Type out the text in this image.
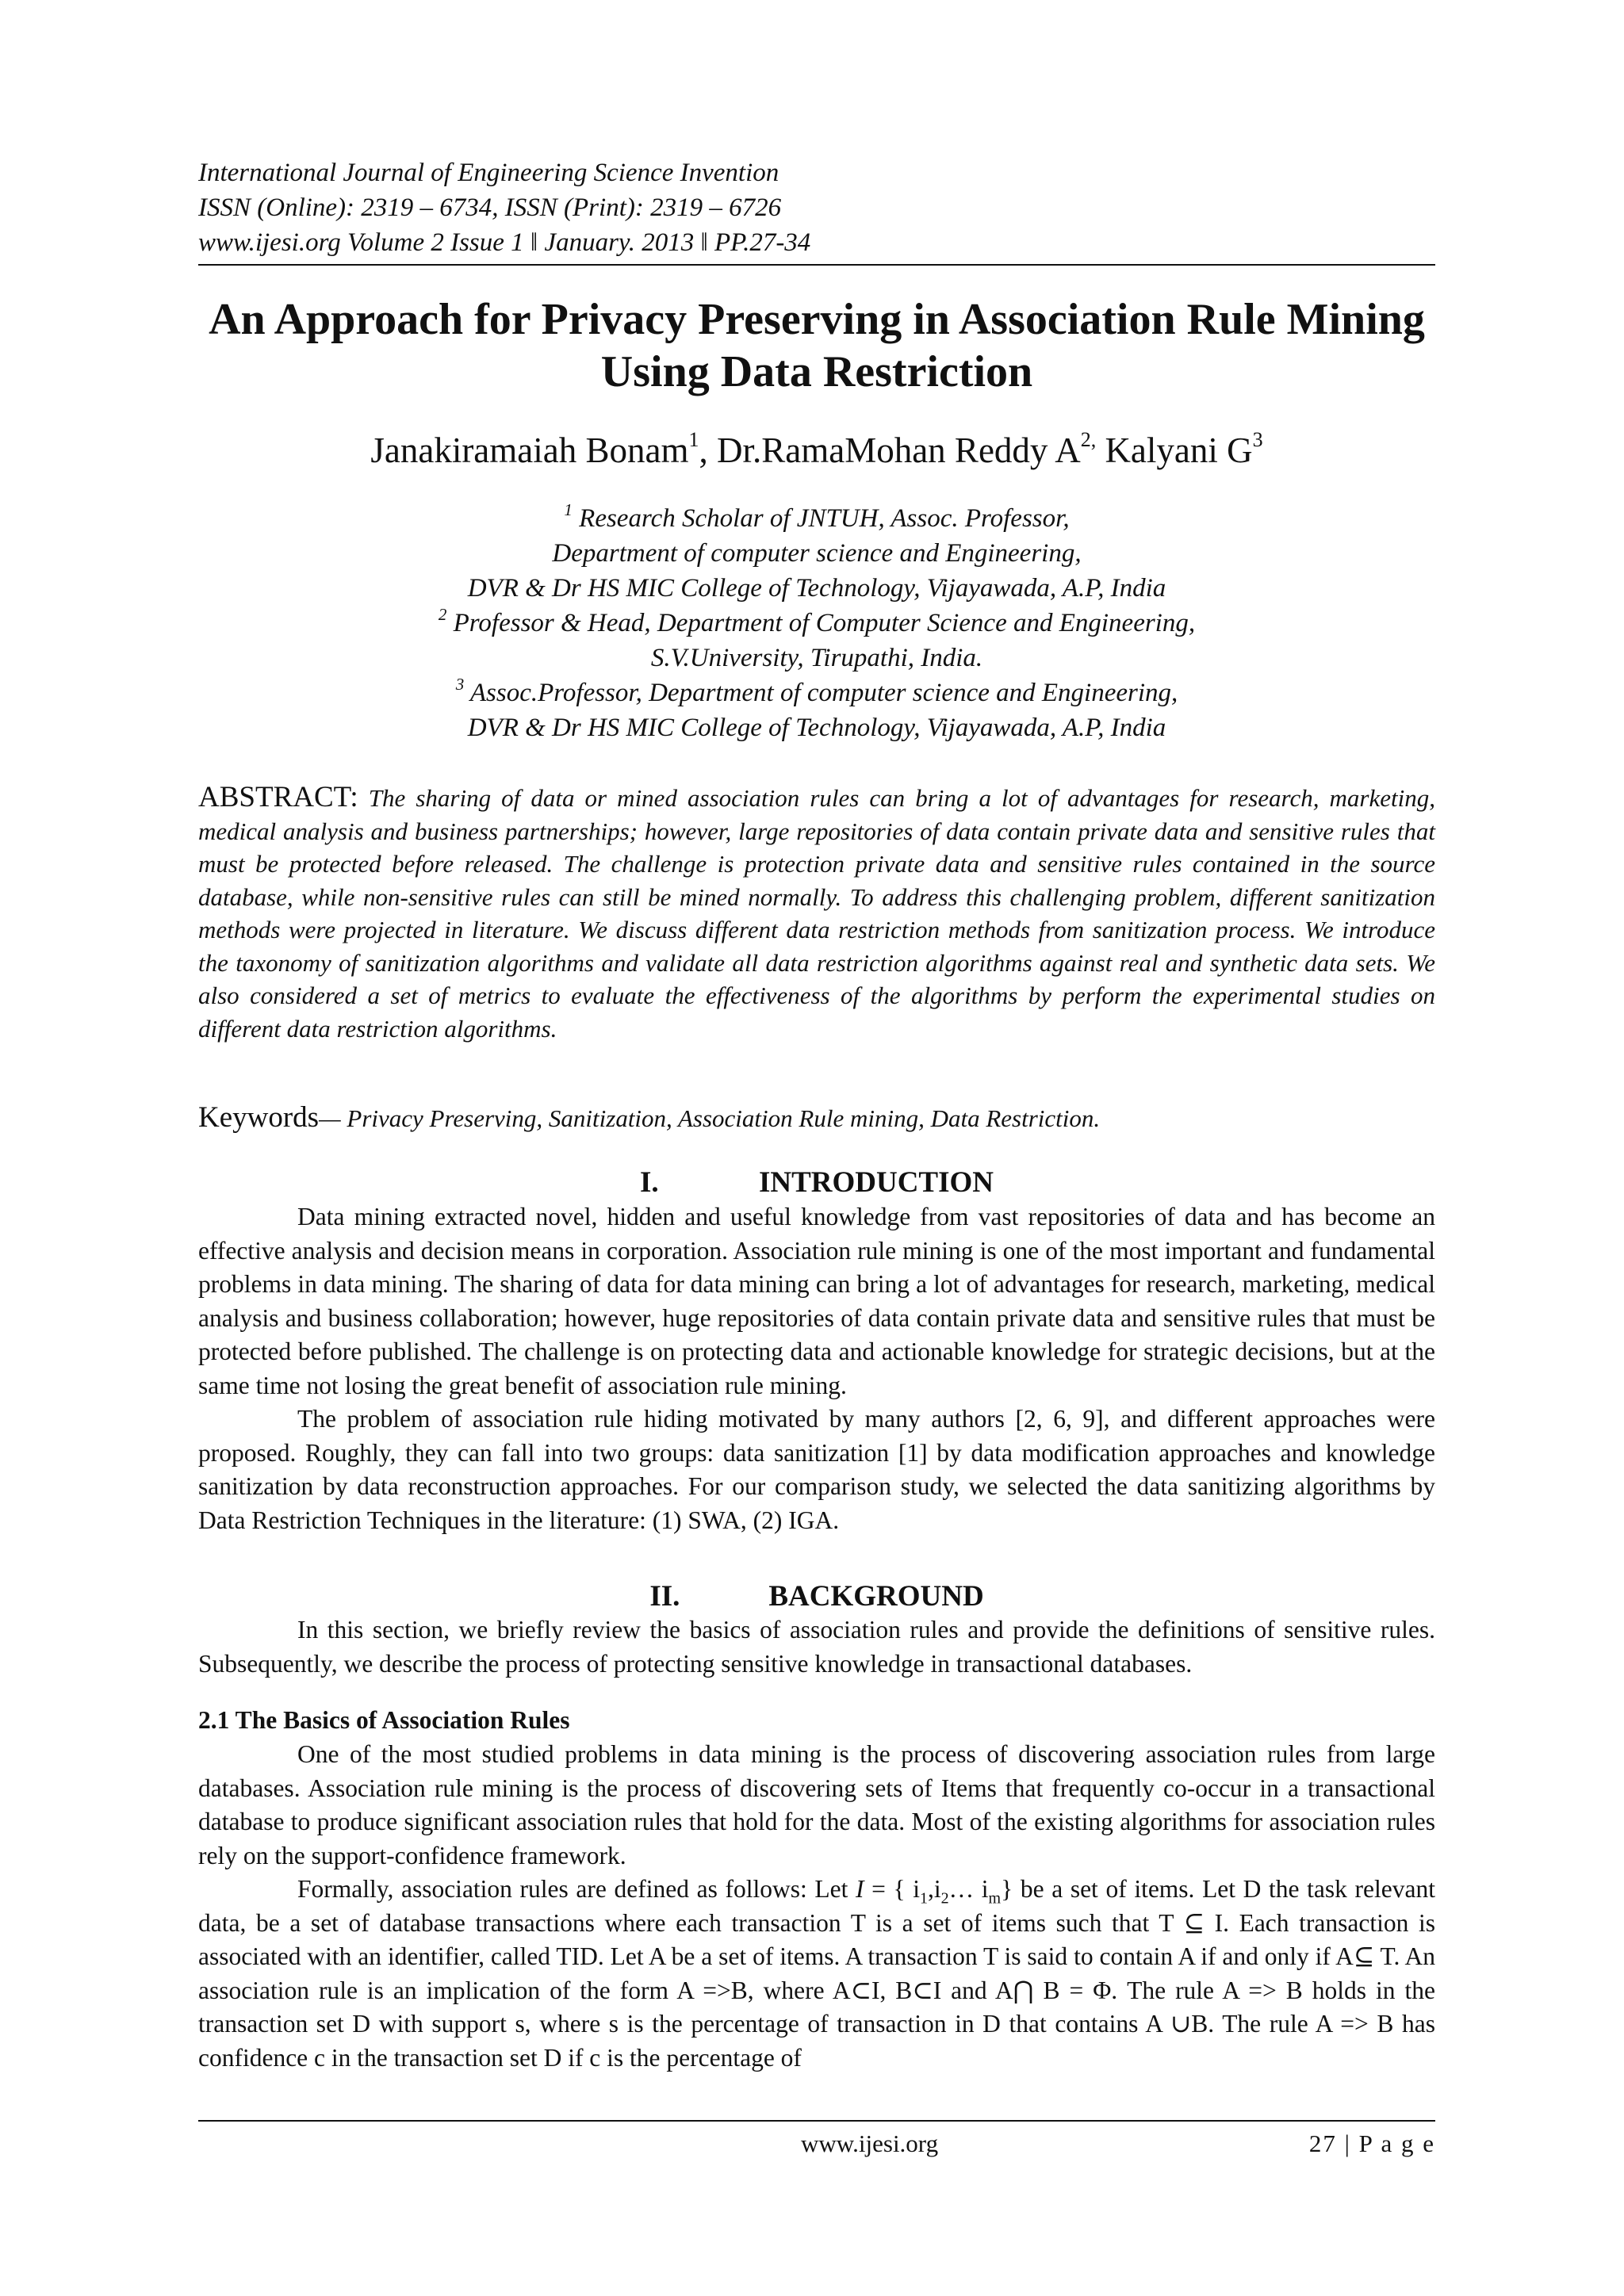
International Journal of Engineering Science Invention
ISSN (Online): 2319 – 6734, ISSN (Print): 2319 – 6726
www.ijesi.org Volume 2 Issue 1 ‖ January. 2013 ‖ PP.27-34
An Approach for Privacy Preserving in Association Rule Mining
Using Data Restriction
Janakiramaiah Bonam$^1$, Dr.RamaMohan Reddy $A^{2,}$ Kalyani $G^3$
$^1$ Research Scholar of JNTUH, Assoc. Professor,
Department of computer science and Engineering,
DVR & Dr HS MIC College of Technology, Vijayawada, A.P, India
$^2$ Professor & Head, Department of Computer Science and Engineering,
S.V.University, Tirupathi, India.
$^3$ Assoc.Professor, Department of computer science and Engineering,
DVR & Dr HS MIC College of Technology, Vijayawada, A.P, India
ABSTRACT: The sharing of data or mined association rules can bring a lot of advantages for research, marketing, medical analysis and business partnerships; however, large repositories of data contain private data and sensitive rules that must be protected before released. The challenge is protection private data and sensitive rules contained in the source database, while non-sensitive rules can still be mined normally. To address this challenging problem, different sanitization methods were projected in literature. We discuss different data restriction methods from sanitization process. We introduce the taxonomy of sanitization algorithms and validate all data restriction algorithms against real and synthetic data sets. We also considered a set of metrics to evaluate the effectiveness of the algorithms by perform the experimental studies on different data restriction algorithms.
Keywords— Privacy Preserving, Sanitization, Association Rule mining, Data Restriction.
I.	INTRODUCTION

Data mining extracted novel, hidden and useful knowledge from vast repositories of data and has become an effective analysis and decision means in corporation. Association rule mining is one of the most important and fundamental problems in data mining. The sharing of data for data mining can bring a lot of advantages for research, marketing, medical analysis and business collaboration; however, huge repositories of data contain private data and sensitive rules that must be protected before published. The challenge is on protecting data and actionable knowledge for strategic decisions, but at the same time not losing the great benefit of association rule mining.

The problem of association rule hiding motivated by many authors [2, 6, 9], and different approaches were proposed. Roughly, they can fall into two groups: data sanitization [1] by data modification approaches and knowledge sanitization by data reconstruction approaches. For our comparison study, we selected the data sanitizing algorithms by Data Restriction Techniques in the literature: (1) SWA, (2) IGA.

II.	BACKGROUND

In this section, we briefly review the basics of association rules and provide the definitions of sensitive rules. Subsequently, we describe the process of protecting sensitive knowledge in transactional databases.

2.1 The Basics of Association Rules

One of the most studied problems in data mining is the process of discovering association rules from large databases. Association rule mining is the process of discovering sets of Items that frequently co-occur in a transactional database to produce significant association rules that hold for the data. Most of the existing algorithms for association rules rely on the support-confidence framework.

Formally, association rules are defined as follows: Let I = { $i_1,i_2\dots$ $i_m$} be a set of items. Let D the task relevant data, be a set of database transactions where each transaction T is a set of items such that T ⊆ I. Each transaction is associated with an identifier, called TID. Let A be a set of items. A transaction T is said to contain A if and only if A⊆ T. An association rule is an implication of the form A =>B, where A⊂I, B⊂I and A⋂ B = Φ. The rule A => B holds in the transaction set D with support s, where s is the percentage of transaction in D that contains A ∪B. The rule A => B has confidence c in the transaction set D if c is the percentage of

www.ijesi.org	27 | P a g e
